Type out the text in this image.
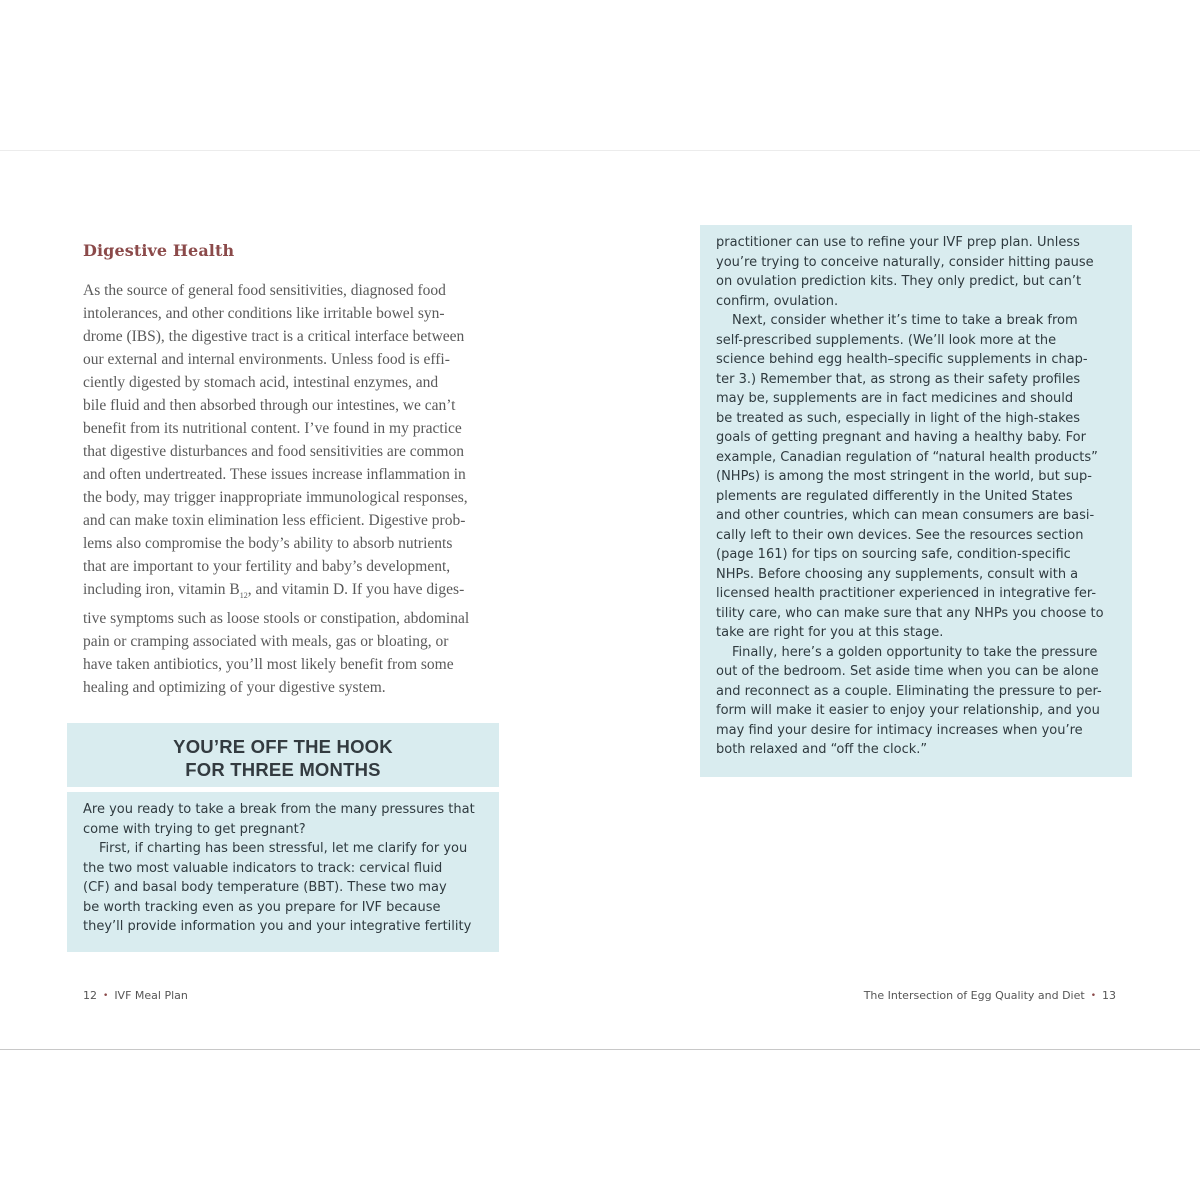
Digestive Health
As the source of general food sensitivities, diagnosed food
intolerances, and other conditions like irritable bowel syn-
drome (IBS), the digestive tract is a critical interface between
our external and internal environments. Unless food is effi-
ciently digested by stomach acid, intestinal enzymes, and
bile fluid and then absorbed through our intestines, we can’t
benefit from its nutritional content. I’ve found in my practice
that digestive disturbances and food sensitivities are common
and often undertreated. These issues increase inflammation in
the body, may trigger inappropriate immunological responses,
and can make toxin elimination less efficient. Digestive prob-
lems also compromise the body’s ability to absorb nutrients
that are important to your fertility and baby’s development,
including iron, vitamin $B_{12}$, and vitamin D. If you have diges-
tive symptoms such as loose stools or constipation, abdominal
pain or cramping associated with meals, gas or bloating, or
have taken antibiotics, you’ll most likely benefit from some
healing and optimizing of your digestive system.
YOU’RE OFF THE HOOK
FOR THREE MONTHS
Are you ready to take a break from the many pressures that
come with trying to get pregnant?
First, if charting has been stressful, let me clarify for you
the two most valuable indicators to track: cervical fluid
(CF) and basal body temperature (BBT). These two may
be worth tracking even as you prepare for IVF because
they’ll provide information you and your integrative fertility
12 • IVF Meal Plan
practitioner can use to refine your IVF prep plan. Unless
you’re trying to conceive naturally, consider hitting pause
on ovulation prediction kits. They only predict, but can’t
confirm, ovulation.
Next, consider whether it’s time to take a break from
self-prescribed supplements. (We’ll look more at the
science behind egg health–specific supplements in chap-
ter 3.) Remember that, as strong as their safety profiles
may be, supplements are in fact medicines and should
be treated as such, especially in light of the high-stakes
goals of getting pregnant and having a healthy baby. For
example, Canadian regulation of “natural health products”
(NHPs) is among the most stringent in the world, but sup-
plements are regulated differently in the United States
and other countries, which can mean consumers are basi-
cally left to their own devices. See the resources section
(page 161) for tips on sourcing safe, condition-specific
NHPs. Before choosing any supplements, consult with a
licensed health practitioner experienced in integrative fer-
tility care, who can make sure that any NHPs you choose to
take are right for you at this stage.
Finally, here’s a golden opportunity to take the pressure
out of the bedroom. Set aside time when you can be alone
and reconnect as a couple. Eliminating the pressure to per-
form will make it easier to enjoy your relationship, and you
may find your desire for intimacy increases when you’re
both relaxed and “off the clock.”
The Intersection of Egg Quality and Diet • 13
